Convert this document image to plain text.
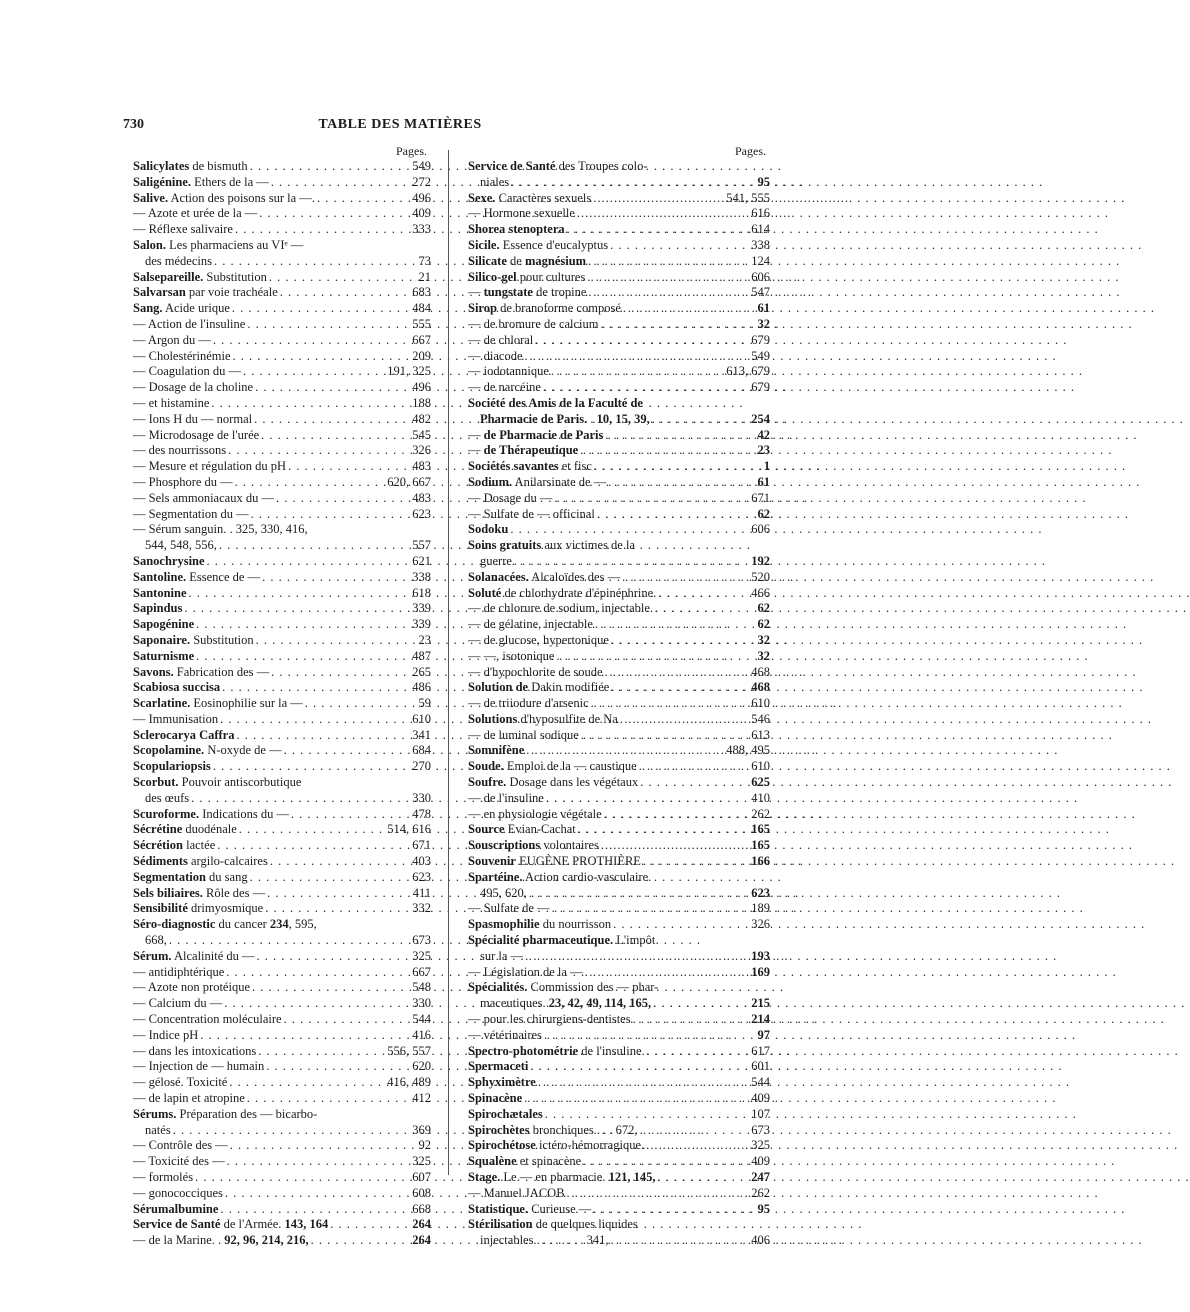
730	TABLE DES MATIÈRES
Pages.
Salicylates de bismuth . . .	549
Saligénine. Ethers de la — . . .	272
Salive. Action des poisons sur la —. . . .	496
— Azote et urée de la — . . .	409
— Réflexe salivaire . . .	333
Salon. Les pharmaciens au VIᵉ —
des médecins . . .	73
Salsepareille. Substitution . . .	21
Salvarsan par voie trachéale . . .	683
Sang. Acide urique . . .	484
— Action de l'insuline . . .	555
— Argon du — . . .	667
— Cholestérinémie . . .	209
— Coagulation du — . . .	191, 325
— Dosage de la choline . . .	496
— et histamine . . .	188
— Ions H du — normal . . .	482
— Microdosage de l'urée . . .	545
— des nourrissons . . .	326
— Mesure et régulation du pH . . .	483
— Phosphore du — . . .	620, 667
— Sels ammoniacaux du — . . .	483
— Segmentation du — . . .	623
— Sérum sanguin. . 325, 330, 416,
544, 548, 556, . . .	557
Sanochrysine . . .	621
Santoline. Essence de — . . .	338
Santonine . . .	618
Sapindus . . .	339
Sapogénine . . .	339
Saponaire. Substitution . . .	23
Saturnisme . . .	487
Savons. Fabrication des — . . .	265
Scabiosa succisa . . .	486
Scarlatine. Eosinophilie sur la — . . .	59
— Immunisation . . .	610
Sclerocarya Caffra . . .	341
Scopolamine. N-oxyde de — . . .	684
Scopulariopsis . . .	270
Scorbut. Pouvoir antiscorbutique
des œufs . . .	330
Scuroforme. Indications du — . . .	478
Sécrétine duodénale . . .	514, 616
Sécrétion lactée . . .	671
Sédiments argilo-calcaires . . .	403
Segmentation du sang . . .	623
Sels biliaires. Rôle des — . . .	411
Sensibilité drimyosmique . . .	332
Séro-diagnostic du cancer 234, 595,
668, . . .	673
Sérum. Alcalinité du — . . .	325
— antidiphtérique . . .	667
— Azote non protéique . . .	548
— Calcium du — . . .	330
— Concentration moléculaire . . .	544
— Indice pH . . .	416
— dans les intoxications . . .	556, 557
— Injection de — humain . . .	620
— gélosé. Toxicité . . .	416, 489
— de lapin et atropine . . .	412
Sérums. Préparation des — bicarbo-
natés . . .	369
— Contrôle des — . . .	92
— Toxicité des — . . .	325
— formolés . . .	607
— gonococciques . . .	608
Sérumalbumine . . .	668
Service de Santé de l'Armée. 143, 164 . . .	264
— de la Marine. . 92, 96, 214, 216, . . .	264
Pages.
Service de Santé des Troupes colo-
niales . . .	95
Sexe. Caractères sexuels . . .	541, 555
— Hormone sexuelle . . .	616
Shorea stenoptera . . .	614
Sicile. Essence d'eucalyptus . . .	338
Silicate de magnésium . . .	124
Silico-gel pour cultures . . .	606
— tungstate de tropine . . .	547
Sirop de branoforme composé . . .	61
— de bromure de calcium . . .	32
— de chloral . . .	679
— diacode . . .	549
— iodotannique . . .	613, 679
— de narcéine . . .	679
Société des Amis de la Faculté de
Pharmacie de Paris. . 10, 15, 39, . . .	254
— de Pharmacie de Paris . . .	42
— de Thérapeutique . . .	23
Sociétés savantes et fisc . . .	1
Sodium. Anilarsinate de — . . .	61
— Dosage du — . . .	671
— Sulfate de — officinal . . .	62
Sodoku . . .	606
Soins gratuits aux victimes de la
guerre . . .	192
Solanacées. Alcaloïdes des — . . .	520
Soluté de chlorhydrate d'épinéphrine. . . .	466
— de chlorure de sodium, injectable. . . .	62
— de gélatine, injectable . . .	62
— de glucose, hypertonique . . .	32
— —, isotonique . . .	32
— d'hypochlorite de soude . . .	468
Solution de Dakin modifiée . . .	468
— de triiodure d'arsenic . . .	610
Solutions d'hyposulfite de Na . . .	546
— de luminal sodique . . .	613
Somnifène . . .	488, 495
Soude. Emploi de la — caustique . . .	610
Soufre. Dosage dans les végétaux . . .	625
— de l'insuline . . .	410
— en physiologie végétale . . .	262
Source Evian-Cachat . . .	165
Souscriptions volontaires . . .	165
Souvenir EUGÈNE PROTHIÈRE . . .	166
Spartéine. Action cardio-vasculaire.
495, 620, . . .	623
— Sulfate de — . . .	189
Spasmophilie du nourrisson . . .	326
Spécialité pharmaceutique. L'impôt
sur la — . . .	193
— Législation de la — . . .	169
Spécialités. Commission des — phar-
maceutiques. 23, 42, 49, 114, 165, . . .	215
— pour les chirurgiens-dentistes . . .	214
— vétérinaires . . .	97
Spectro-photométrie de l'insuline. . . .	617
Spermaceti . . .	601
Sphyximètre . . .	544
Spinacène . . .	409
Spirochætales . . .	107
Spirochètes bronchiques . . . 672, . . .	673
Spirochétose ictéro-hémorragique. . . .	325
Squalène et spinacène . . .	409
Stage. Le — en pharmacie. 121, 145, . . .	247
— Manuel JACOB . . .	262
Statistique. Curieuse — . . .	95
Stérilisation de quelques liquides
injectables . . . . . . . . 341, . . .	406
